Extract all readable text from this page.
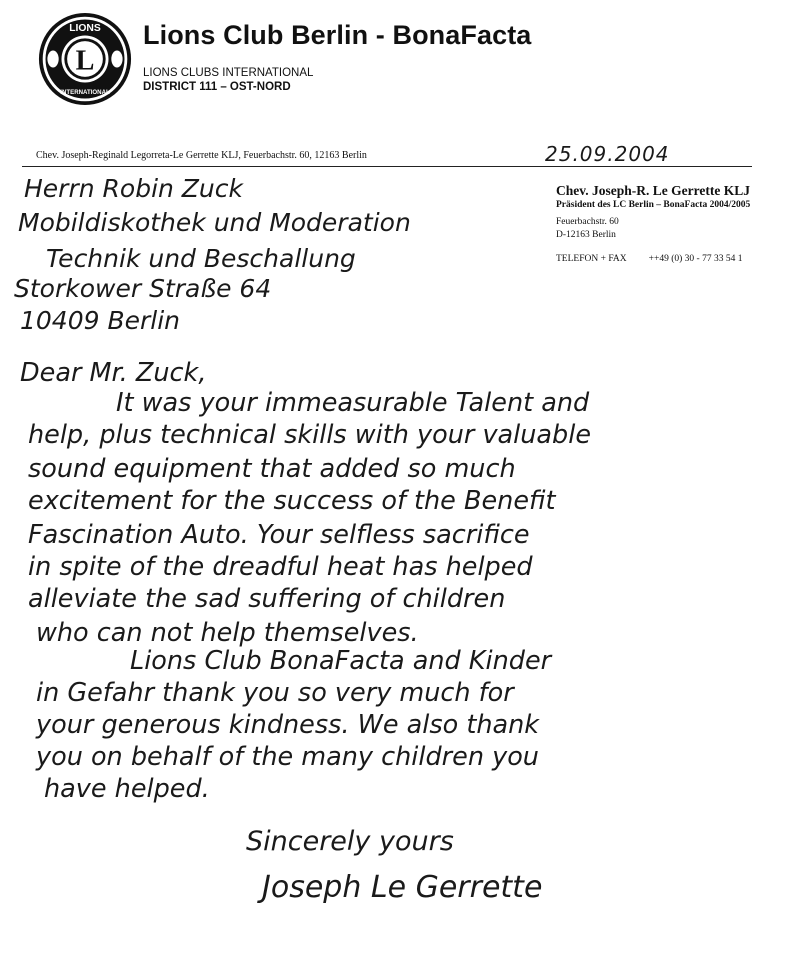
L
LIONS
INTERNATIONAL
Lions Club Berlin - BonaFacta
LIONS CLUBS INTERNATIONAL
DISTRICT 111 – OST-NORD
Chev. Joseph-Reginald Legorreta-Le Gerrette KLJ, Feuerbachstr. 60, 12163 Berlin	25.09.2004
Chev. Joseph-R. Le Gerrette KLJ
Präsident des LC Berlin – BonaFacta 2004/2005
Feuerbachstr. 60
D-12163 Berlin
TELEFON + FAX ++49 (0) 30 - 77 33 54 1
Herrn Robin Zuck
Mobildiskothek und Moderation
Technik und Beschallung
Storkower Straße 64
10409 Berlin
Dear Mr. Zuck,
It was your immeasurable Talent and
help, plus technical skills with your valuable
sound equipment that added so much
excitement for the success of the Benefit
Fascination Auto. Your selfless sacrifice
in spite of the dreadful heat has helped
alleviate the sad suffering of children
who can not help themselves.
Lions Club BonaFacta and Kinder
in Gefahr thank you so very much for
your generous kindness. We also thank
you on behalf of the many children you
have helped.
Sincerely yours
Joseph Le Gerrette
